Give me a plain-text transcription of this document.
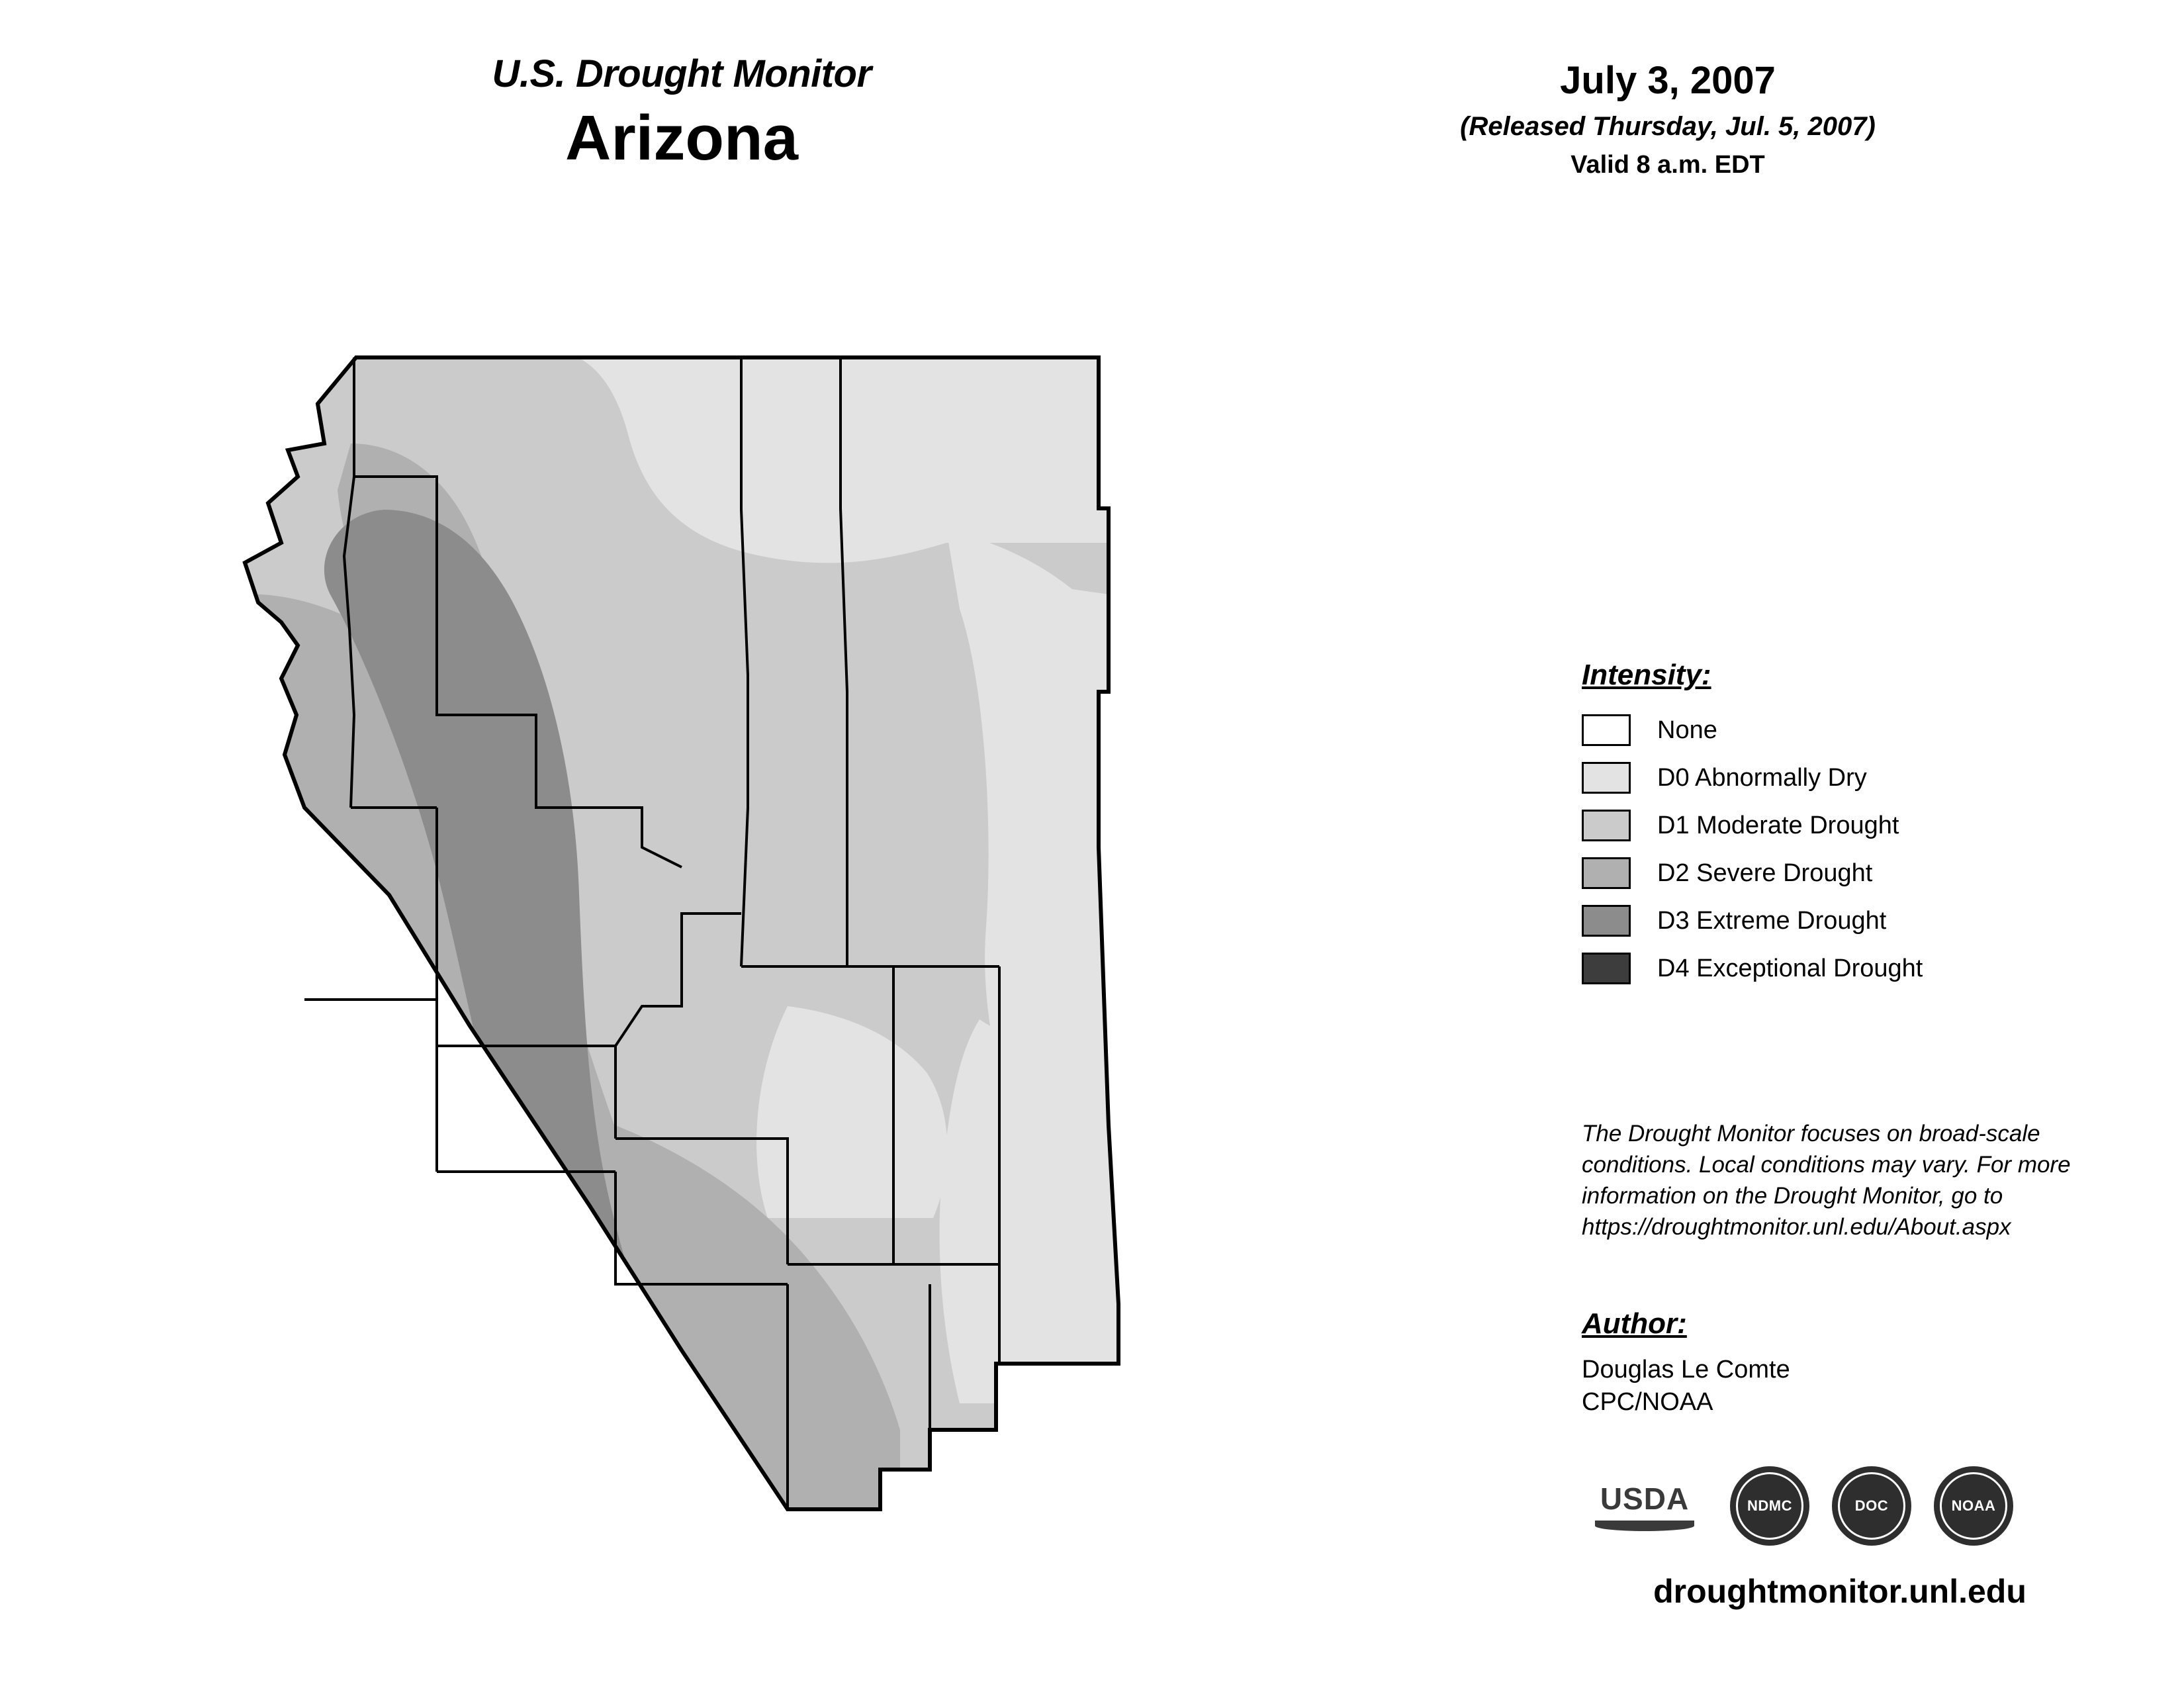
U.S. Drought Monitor
Arizona
July 3, 2007
(Released Thursday, Jul. 5, 2007)
Valid 8 a.m. EDT
Intensity:
None
D0 Abnormally Dry
D1 Moderate Drought
D2 Severe Drought
D3 Extreme Drought
D4 Exceptional Drought
The Drought Monitor focuses on broad-scale conditions. Local conditions may vary. For more information on the Drought Monitor, go to https://droughtmonitor.unl.edu/About.aspx
Author:
Douglas Le Comte
CPC/NOAA
USDA	NDMC	DOC	NOAA
droughtmonitor.unl.edu
